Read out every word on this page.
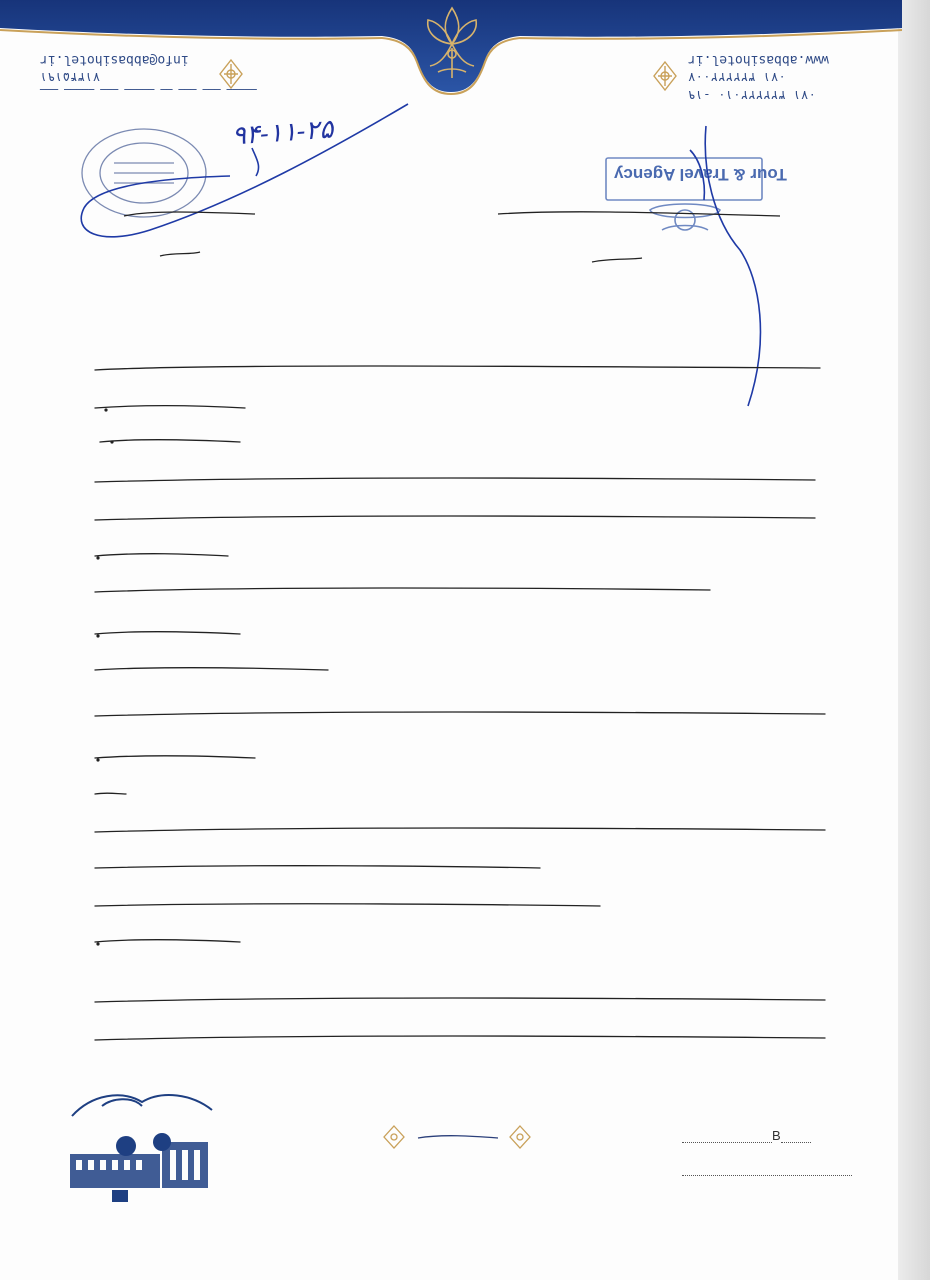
info@abbasihotel.ir
۷۱۳۴۵۱۹۱
ـــ ـــــ ـــ ـــــ ــ ـــ ـــ ـــــ
www.abbasihotel.ir
۰۷۱ ۳۲۲۲۲۲۰۰۷
۰۷۱ ۳۲۲۲۲۲۰۱۰ -۱۹
Tour & Travel Agency
۹۴-۱۱-۲۵
B
